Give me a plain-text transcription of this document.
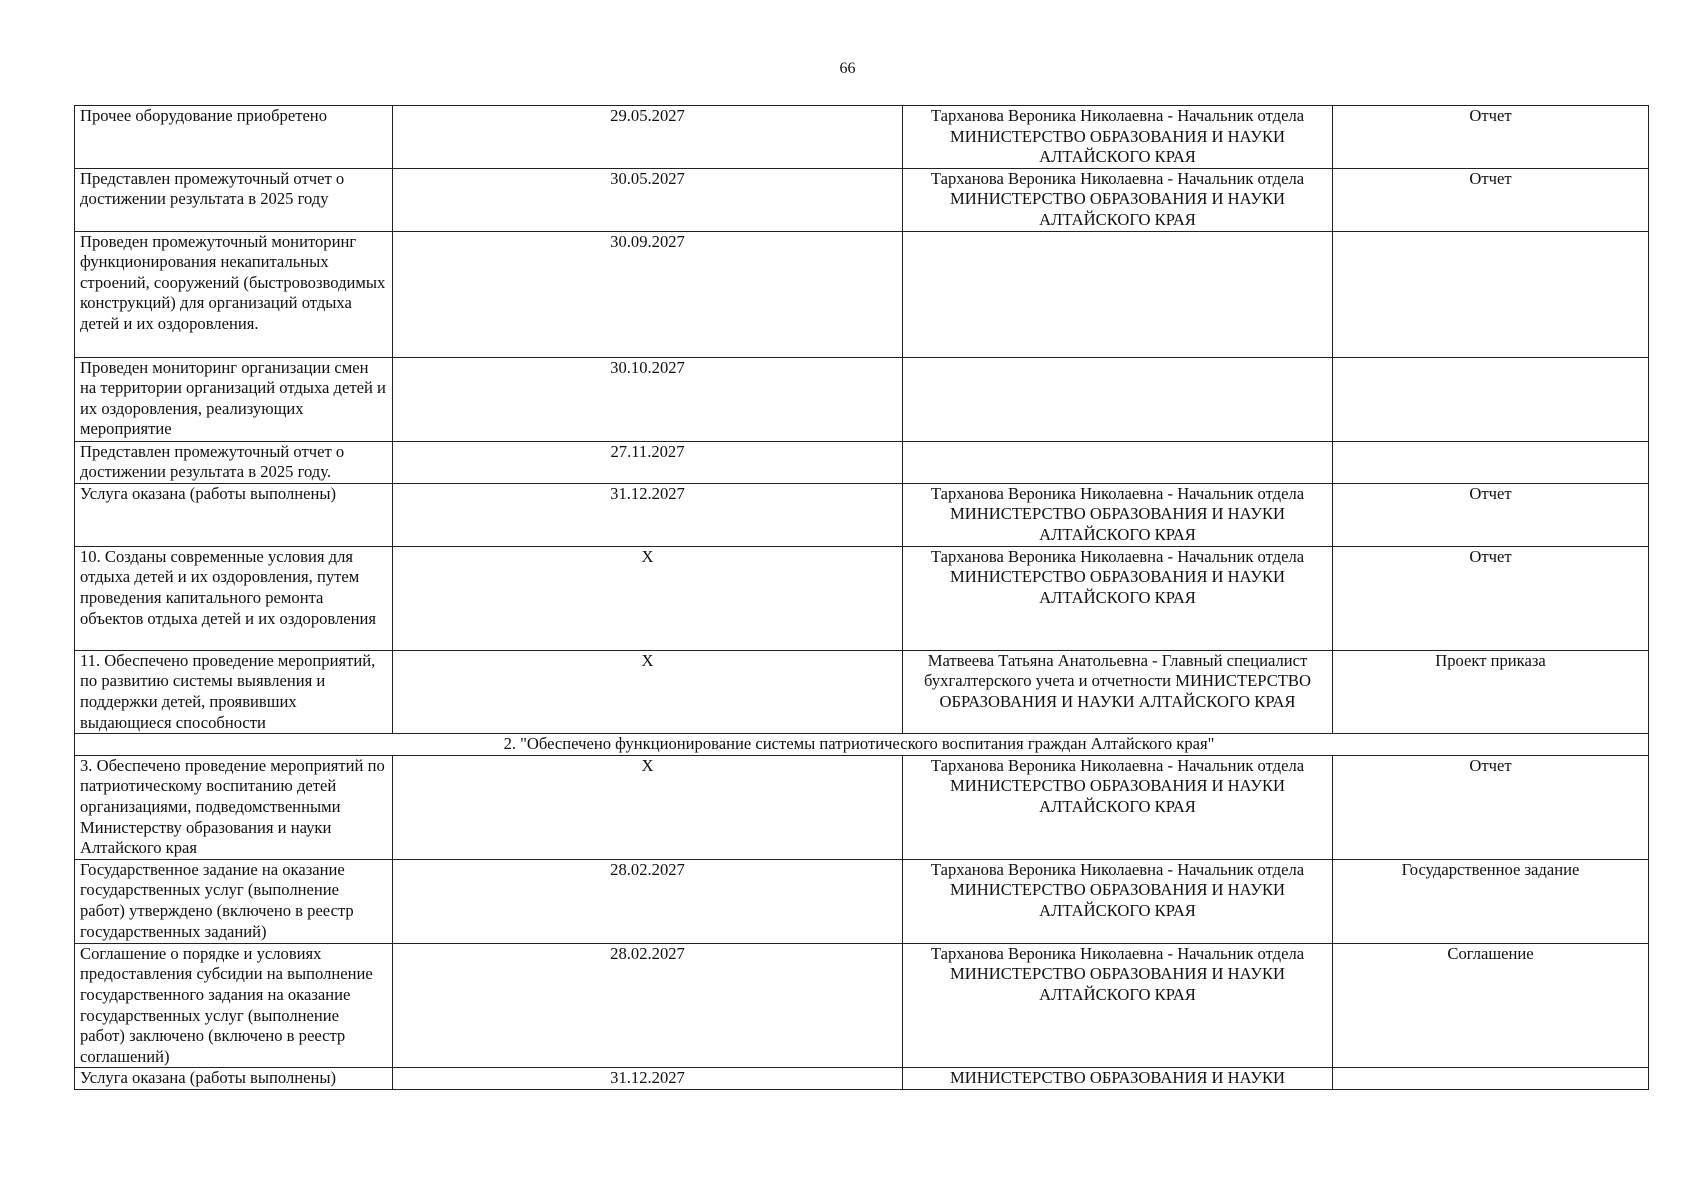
66
Прочее оборудование приобретено	29.05.2027	Тарханова Вероника Николаевна - Начальник отдела МИНИСТЕРСТВО ОБРАЗОВАНИЯ И НАУКИ АЛТАЙСКОГО КРАЯ	Отчет
Представлен промежуточный отчет о достижении результата в 2025 году	30.05.2027	Тарханова Вероника Николаевна - Начальник отдела МИНИСТЕРСТВО ОБРАЗОВАНИЯ И НАУКИ АЛТАЙСКОГО КРАЯ	Отчет
Проведен промежуточный мониторинг функционирования некапитальных строений, сооружений (быстровозводимых конструкций) для организаций отдыха детей и их оздоровления.	30.09.2027		
Проведен мониторинг организации смен на территории организаций отдыха детей и их оздоровления, реализующих мероприятие	30.10.2027		
Представлен промежуточный отчет о достижении результата в 2025 году.	27.11.2027		
Услуга оказана (работы выполнены)	31.12.2027	Тарханова Вероника Николаевна - Начальник отдела МИНИСТЕРСТВО ОБРАЗОВАНИЯ И НАУКИ АЛТАЙСКОГО КРАЯ	Отчет
10. Созданы современные условия для отдыха детей и их оздоровления, путем проведения капитального ремонта объектов отдыха детей и их оздоровления	X	Тарханова Вероника Николаевна - Начальник отдела МИНИСТЕРСТВО ОБРАЗОВАНИЯ И НАУКИ АЛТАЙСКОГО КРАЯ	Отчет
11. Обеспечено проведение мероприятий, по развитию системы выявления и поддержки детей, проявивших выдающиеся способности	X	Матвеева Татьяна Анатольевна - Главный специалист бухгалтерского учета и отчетности МИНИСТЕРСТВО ОБРАЗОВАНИЯ И НАУКИ АЛТАЙСКОГО КРАЯ	Проект приказа
2. "Обеспечено функционирование системы патриотического воспитания граждан Алтайского края"			
3. Обеспечено проведение мероприятий по патриотическому воспитанию детей организациями, подведомственными Министерству образования и науки Алтайского края	X	Тарханова Вероника Николаевна - Начальник отдела МИНИСТЕРСТВО ОБРАЗОВАНИЯ И НАУКИ АЛТАЙСКОГО КРАЯ	Отчет
Государственное задание на оказание государственных услуг (выполнение работ) утверждено (включено в реестр государственных заданий)	28.02.2027	Тарханова Вероника Николаевна - Начальник отдела МИНИСТЕРСТВО ОБРАЗОВАНИЯ И НАУКИ АЛТАЙСКОГО КРАЯ	Государственное задание
Соглашение о порядке и условиях предоставления субсидии на выполнение государственного задания на оказание государственных услуг (выполнение работ) заключено (включено в реестр соглашений)	28.02.2027	Тарханова Вероника Николаевна - Начальник отдела МИНИСТЕРСТВО ОБРАЗОВАНИЯ И НАУКИ АЛТАЙСКОГО КРАЯ	Соглашение
Услуга оказана (работы выполнены)	31.12.2027	МИНИСТЕРСТВО ОБРАЗОВАНИЯ И НАУКИ	
